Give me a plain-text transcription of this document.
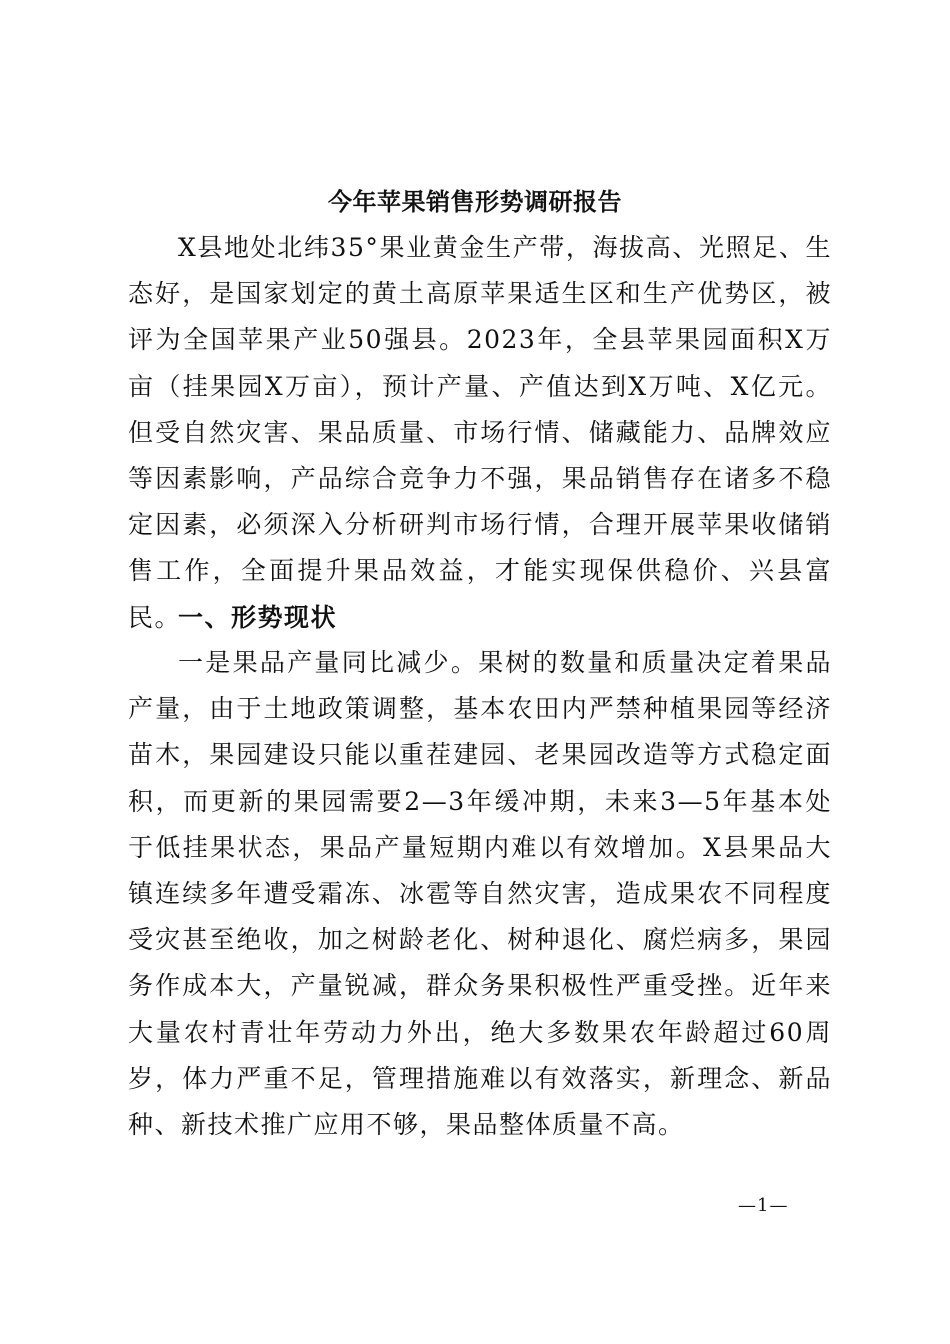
今年苹果销售形势调研报告

X县地处北纬35°果业黄金生产带，海拔高、光照足、生态好，是国家划定的黄土高原苹果适生区和生产优势区，被评为全国苹果产业50强县。2023年，全县苹果园面积X万亩（挂果园X万亩），预计产量、产值达到X万吨、X亿元。但受自然灾害、果品质量、市场行情、储藏能力、品牌效应等因素影响，产品综合竞争力不强，果品销售存在诸多不稳定因素，必须深入分析研判市场行情，合理开展苹果收储销售工作，全面提升果品效益，才能实现保供稳价、兴县富民。

一、形势现状

一是果品产量同比减少。果树的数量和质量决定着果品产量，由于土地政策调整，基本农田内严禁种植果园等经济苗木，果园建设只能以重茬建园、老果园改造等方式稳定面积，而更新的果园需要2—3年缓冲期，未来3—5年基本处于低挂果状态，果品产量短期内难以有效增加。X县果品大镇连续多年遭受霜冻、冰雹等自然灾害，造成果农不同程度受灾甚至绝收，加之树龄老化、树种退化、腐烂病多，果园务作成本大，产量锐减，群众务果积极性严重受挫。近年来大量农村青壮年劳动力外出，绝大多数果农年龄超过60周岁，体力严重不足，管理措施难以有效落实，新理念、新品种、新技术推广应用不够，果品整体质量不高。

—1—
